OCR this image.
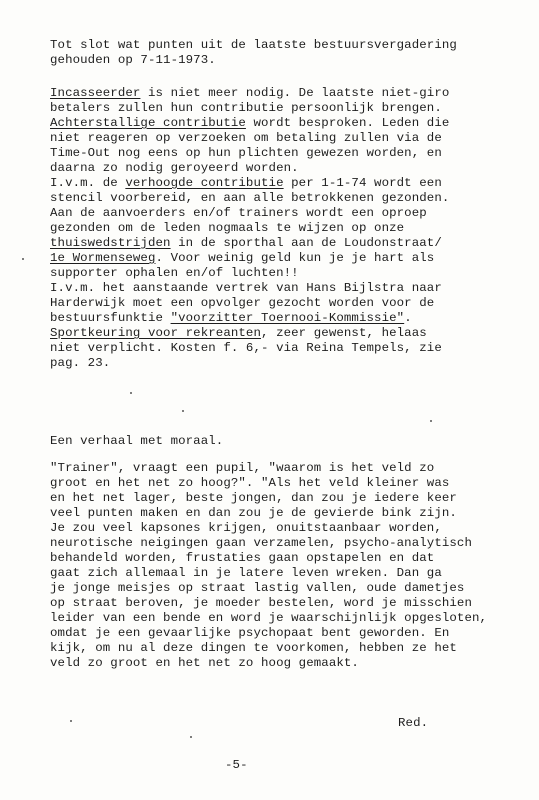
Tot slot wat punten uit de laatste bestuursvergadering
gehouden op 7-11-1973.
Incasseerder is niet meer nodig. De laatste niet-giro
betalers zullen hun contributie persoonlijk brengen.
Achterstallige contributie wordt besproken. Leden die
niet reageren op verzoeken om betaling zullen via de
Time-Out nog eens op hun plichten gewezen worden, en
daarna zo nodig geroyeerd worden.
I.v.m. de verhoogde contributie per 1-1-74 wordt een
stencil voorbereid, en aan alle betrokkenen gezonden.
Aan de aanvoerders en/of trainers wordt een oproep
gezonden om de leden nogmaals te wijzen op onze
thuiswedstrijden in de sporthal aan de Loudonstraat/
1e Wormenseweg. Voor weinig geld kun je je hart als
supporter ophalen en/of luchten!!
I.v.m. het aanstaande vertrek van Hans Bijlstra naar
Harderwijk moet een opvolger gezocht worden voor de
bestuursfunktie "voorzitter Toernooi-Kommissie".
Sportkeuring voor rekreanten, zeer gewenst, helaas
niet verplicht. Kosten f. 6,- via Reina Tempels, zie
pag. 23.
Een verhaal met moraal.
"Trainer", vraagt een pupil, "waarom is het veld zo
groot en het net zo hoog?". "Als het veld kleiner was
en het net lager, beste jongen, dan zou je iedere keer
veel punten maken en dan zou je de gevierde bink zijn.
Je zou veel kapsones krijgen, onuitstaanbaar worden,
neurotische neigingen gaan verzamelen, psycho-analytisch
behandeld worden, frustaties gaan opstapelen en dat
gaat zich allemaal in je latere leven wreken. Dan ga
je jonge meisjes op straat lastig vallen, oude dametjes
op straat beroven, je moeder bestelen, word je misschien
leider van een bende en word je waarschijnlijk opgesloten,
omdat je een gevaarlijke psychopaat bent geworden. En
kijk, om nu al deze dingen te voorkomen, hebben ze het
veld zo groot en het net zo hoog gemaakt.
Red.
-5-
